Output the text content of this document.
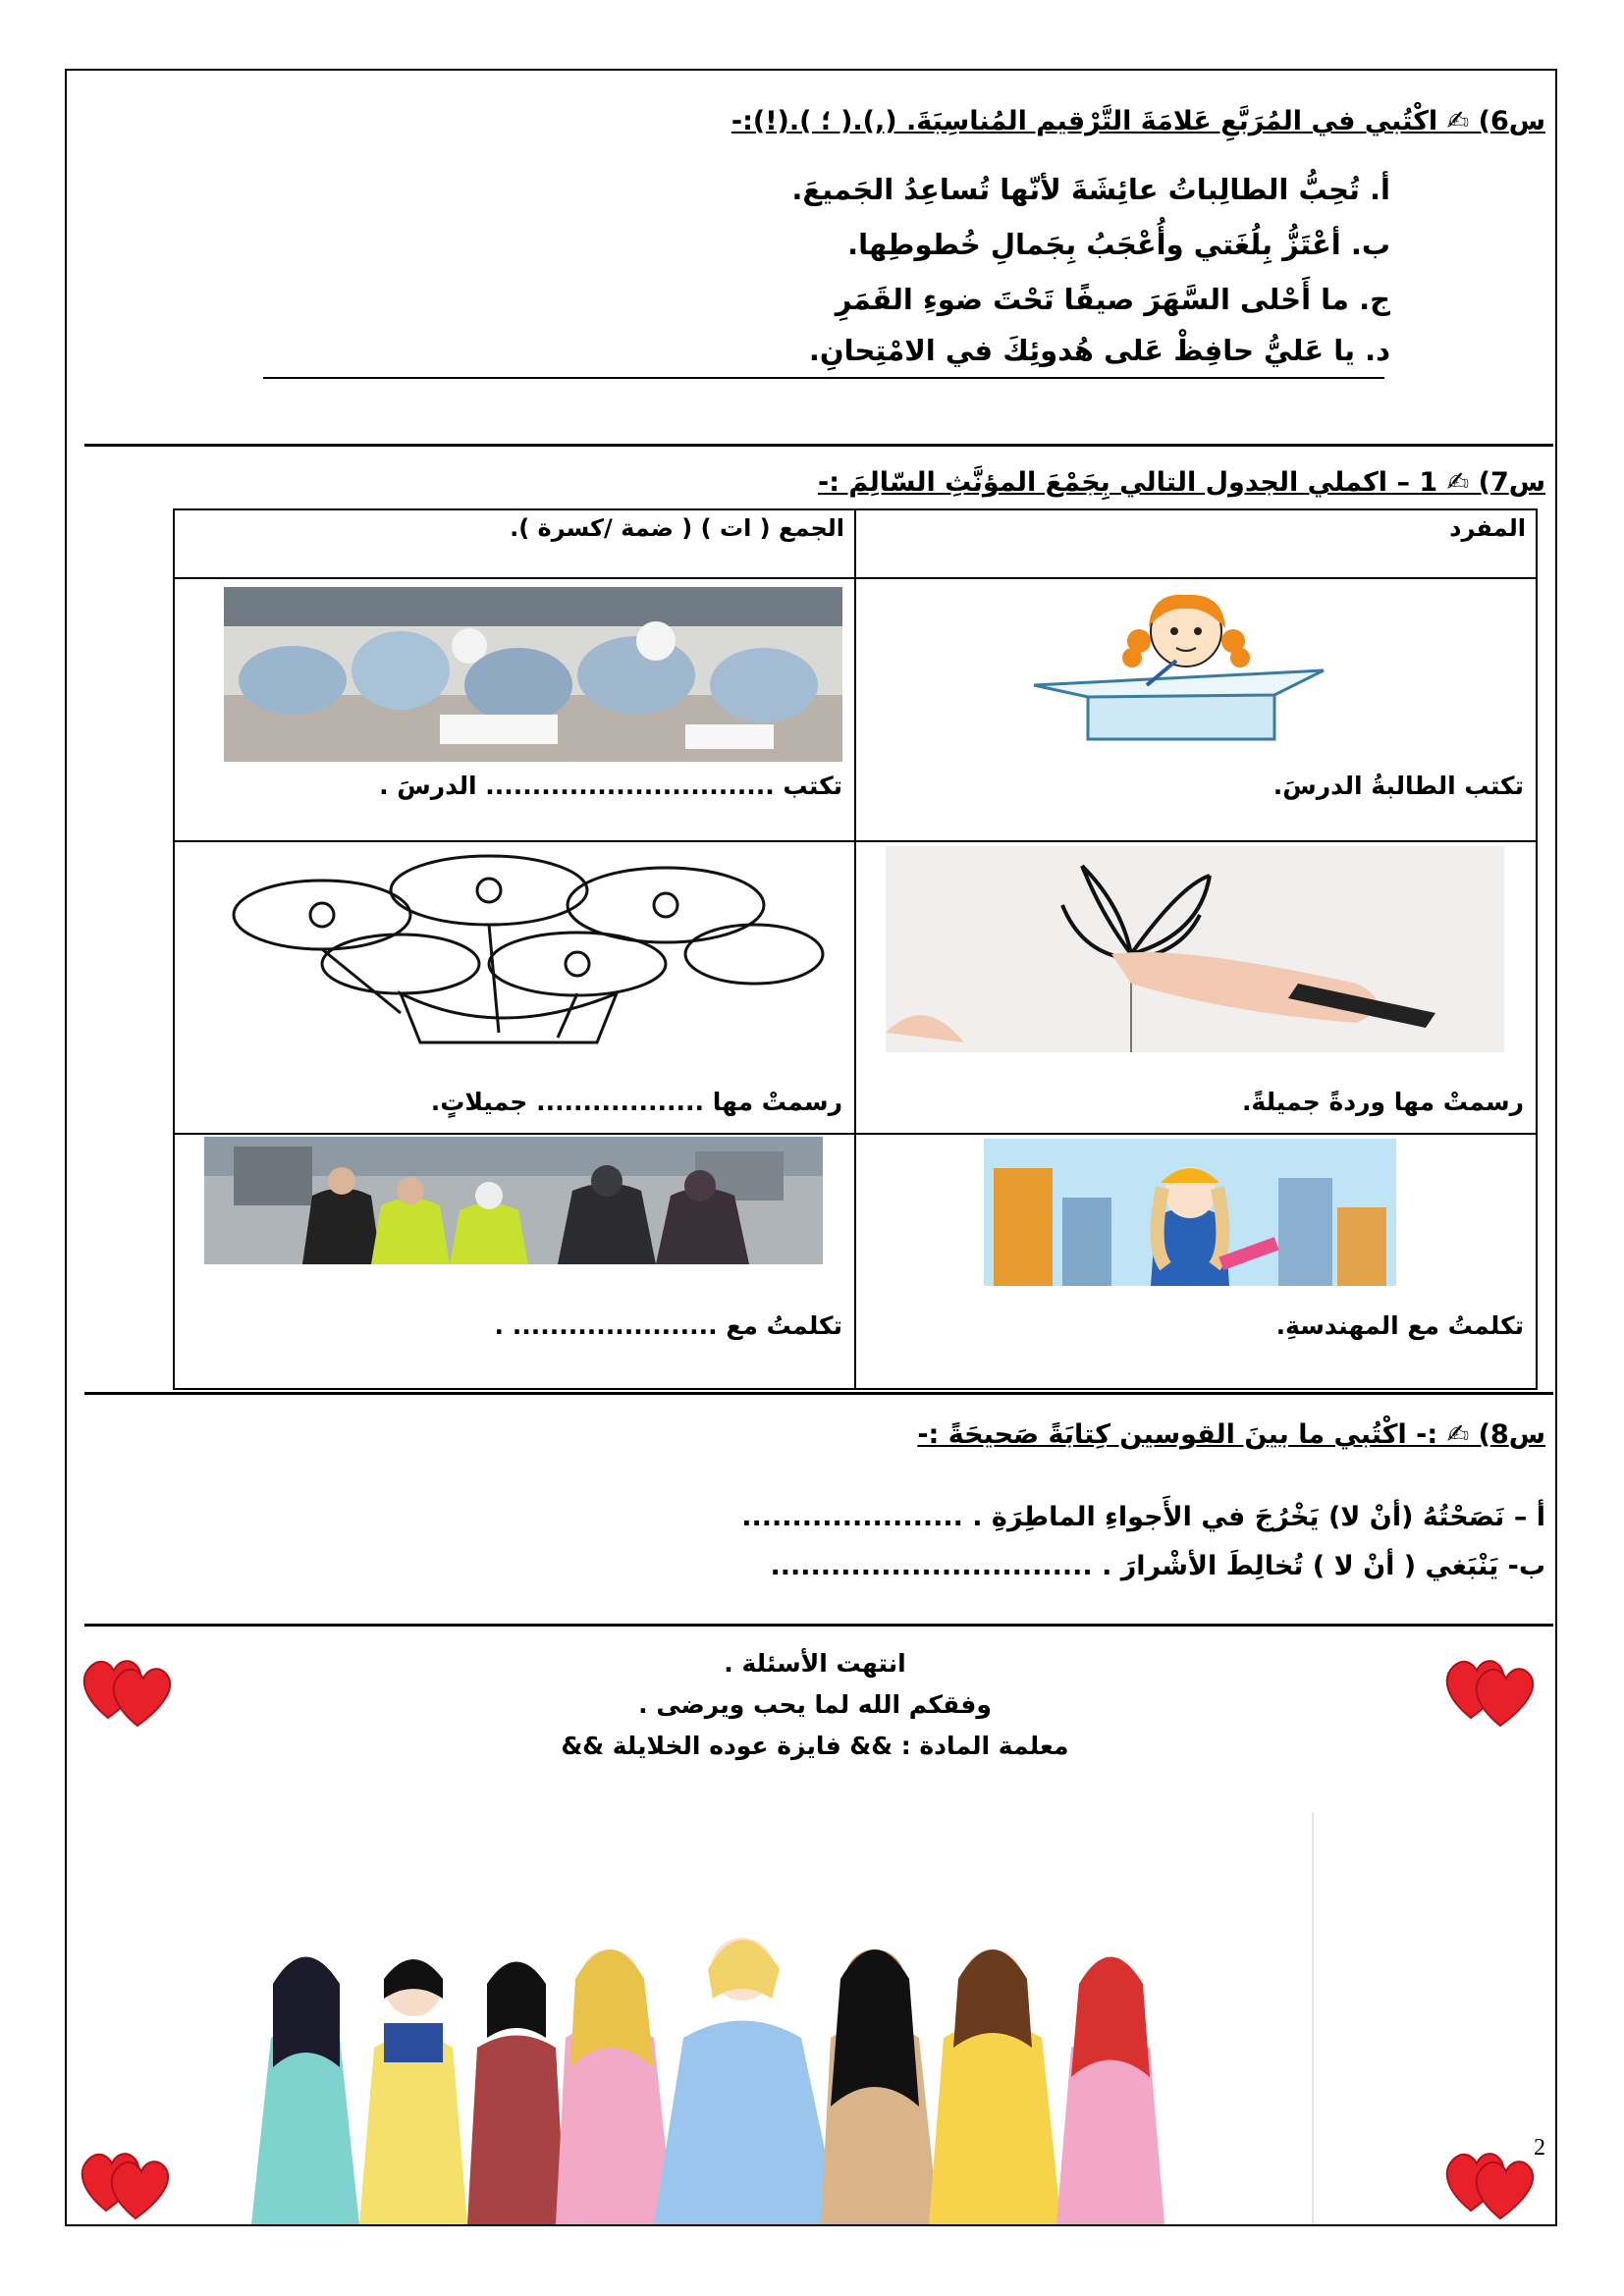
س6) ✍ اكْتُبي في المُرَبَّعِ عَلامَةَ التَّرْقيم المُناسِبَةَ. (,).( ؛ ).(!):-
أ. تُحِبُّ الطالِباتُ عائِشَةَ لأنّها تُساعِدُ الجَميعَ.
ب. أعْتَزُّ بِلُغَتي وأُعْجَبُ بِجَمالِ خُطوطِها.
ج. ما أَحْلى السَّهَرَ صيفًا تَحْتَ ضوءِ القَمَرِ
د. يا عَليُّ حافِظْ عَلى هُدوئِكَ في الامْتِحانِ.
س7) ✍ 1 – اكملي الجدول التالي بِجَمْعَ المؤنَّثِ السّالِمَ :-
المفرد	الجمع ( ات ) ( ضمة /كسرة ).

تكتب الطالبةُ الدرسَ.	تكتب ............................... الدرسَ .

رسمتْ مها وردةً جميلةً.	رسمتْ مها .................. جميلاتٍ.

تكلمتُ مع المهندسةِ.	تكلمتُ مع ...................... .
س8) ✍ :- اكْتُبي ما بينَ القوسين كِتابَةً صَحيحَةً :-
أ – نَصَحْتُهُ (أنْ لا) يَخْرُجَ في الأَجواءِ الماطِرَةِ . ......................
ب- يَنْبَغي ( أنْ لا ) تُخالِطَ الأشْرارَ . ................................
انتهت الأسئلة .
وفقكم الله لما يحب ويرضى .
معلمة المادة : && فايزة عوده الخلايلة &&
2
